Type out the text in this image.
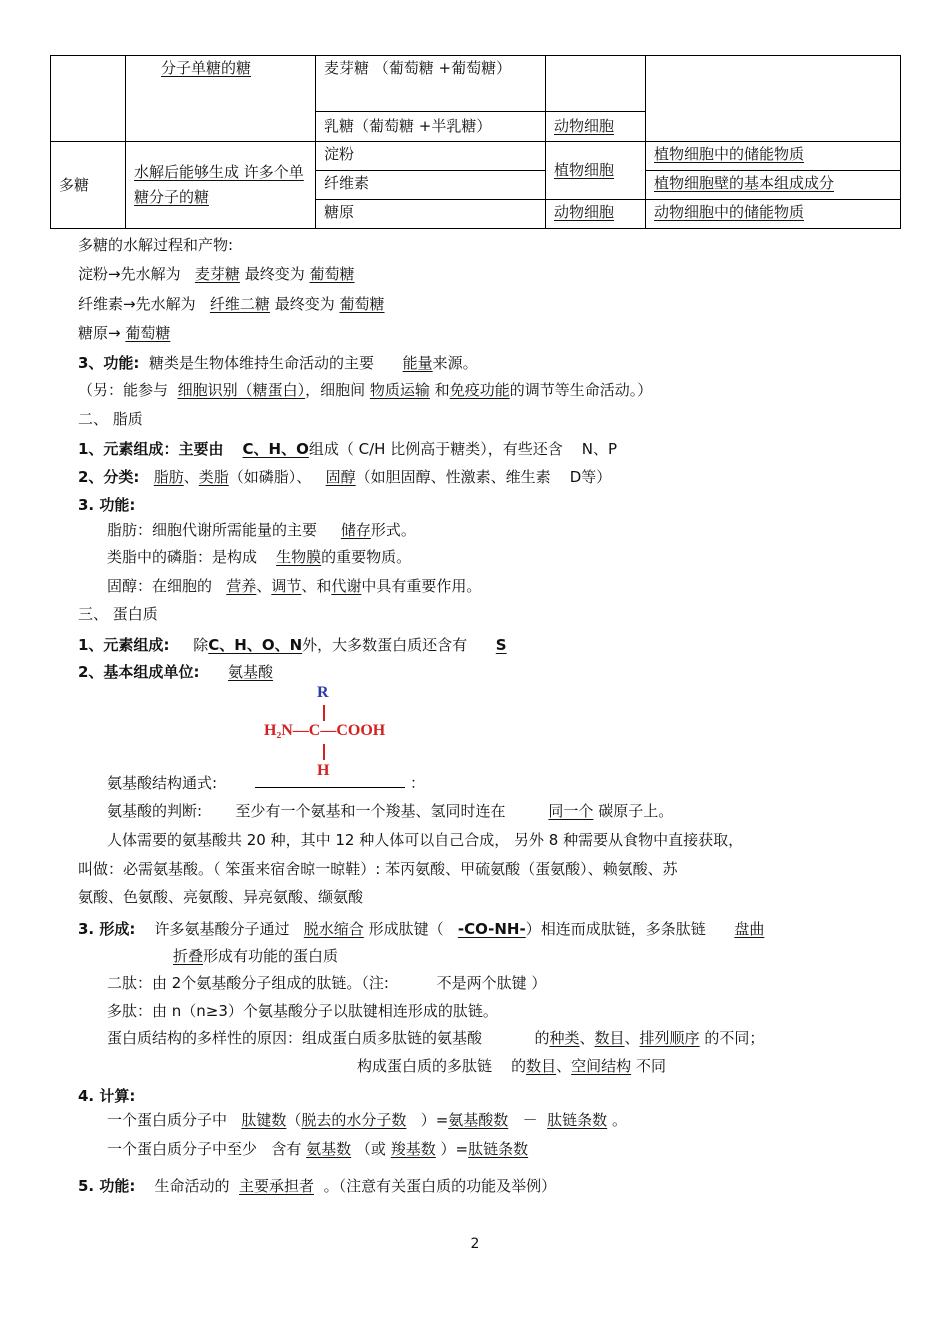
	分子单糖的糖	麦芽糖 （葡萄糖 +葡萄糖）		
		乳糖（葡萄糖 +半乳糖）	动物细胞	
多糖	水解后能够生成 许多个单糖分子的糖	淀粉	植物细胞	植物细胞中的储能物质
		纤维素		植物细胞壁的基本组成成分
		糖原	动物细胞	动物细胞中的储能物质
多糖的水解过程和产物:
淀粉→先水解为 麦芽糖 最终变为 葡萄糖
纤维素→先水解为 纤维二糖 最终变为 葡萄糖
糖原→ 葡萄糖
3、功能: 糖类是生物体维持生命活动的主要 能量来源。
（另：能参与 细胞识别（糖蛋白），细胞间 物质运输 和免疫功能的调节等生命活动。）
二、 脂质
1、元素组成：主要由 C、H、O组成（ C/H 比例高于糖类），有些还含 N、P
2、分类: 脂肪、类脂（如磷脂）、 固醇（如胆固醇、性激素、维生素 D等）
3. 功能:
脂肪：细胞代谢所需能量的主要 储存形式。
类脂中的磷脂：是构成 生物膜的重要物质。
固醇：在细胞的 营养、调节、和代谢中具有重要作用。
三、 蛋白质
1、元素组成: 除C、H、O、N外，大多数蛋白质还含有 S
2、基本组成单位: 氨基酸
R
H₂N—C—COOH
H
氨基酸结构通式:	：
氨基酸的判断: 至少有一个氨基和一个羧基、氢同时连在	同一个 碳原子上。
人体需要的氨基酸共 20 种，其中 12 种人体可以自己合成， 另外 8 种需要从食物中直接获取，
叫做：必需氨基酸。（ 笨蛋来宿舍晾一晾鞋）: 苯丙氨酸、甲硫氨酸（蛋氨酸）、赖氨酸、苏
氨酸、色氨酸、亮氨酸、异亮氨酸、缬氨酸
3. 形成: 许多氨基酸分子通过 脱水缩合 形成肽键（ -CO-NH-）相连而成肽链，多条肽链 盘曲
折叠形成有功能的蛋白质
二肽：由 2个氨基酸分子组成的肽链。（注:	不是两个肽键 ）
多肽：由 n（n≥3）个氨基酸分子以肽键相连形成的肽链。
蛋白质结构的多样性的原因：组成蛋白质多肽链的氨基酸	的种类、数目、排列顺序 的不同；
构成蛋白质的多肽链 的数目、空间结构 不同
4. 计算:
一个蛋白质分子中 肽键数（脱去的水分子数 ）=氨基酸数 － 肽链条数 。
一个蛋白质分子中至少 含有 氨基数 （或 羧基数 ）=肽链条数
5. 功能: 生命活动的 主要承担者 。（注意有关蛋白质的功能及举例）
2
